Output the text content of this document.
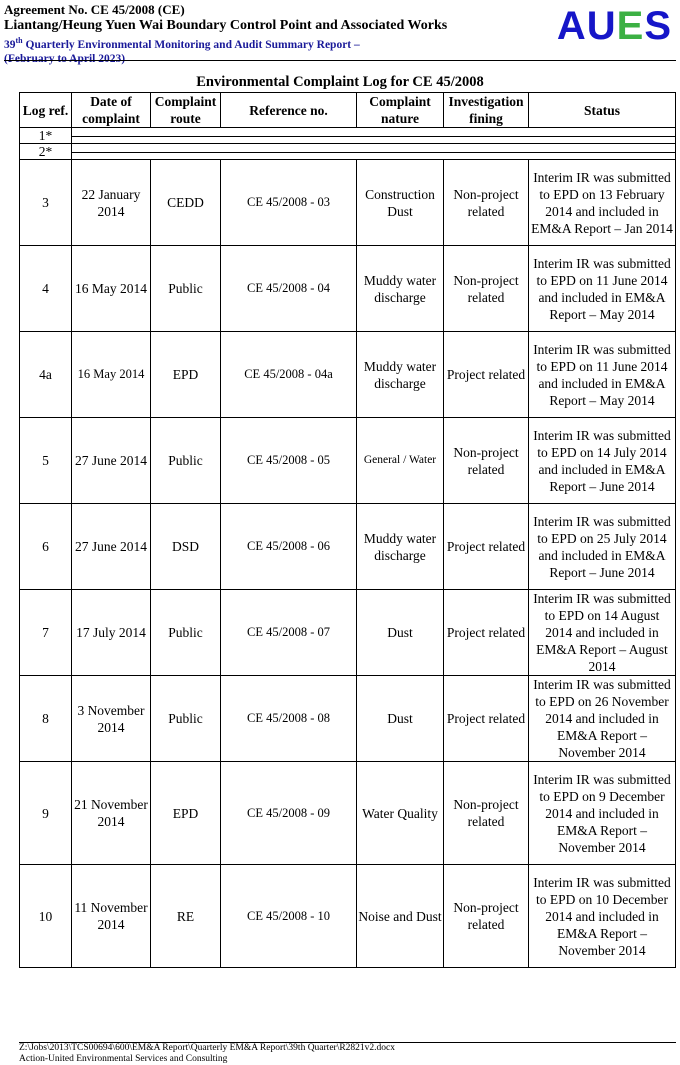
Agreement No. CE 45/2008 (CE)
Liantang/Heung Yuen Wai Boundary Control Point and Associated Works
39th Quarterly Environmental Monitoring and Audit Summary Report –
(February to April 2023)
AUES
Environmental Complaint Log for CE 45/2008
Log ref.	Date of complaint	Complaint route	Reference no.	Complaint nature	Investigation fining	Status
1*						

2*						

3	22 January 2014	CEDD	CE 45/2008 - 03	Construction Dust	Non-project related	Interim IR was submitted to EPD on 13 February 2014 and included in EM&A Report – Jan 2014
4	16 May 2014	Public	CE 45/2008 - 04	Muddy water discharge	Non-project related	Interim IR was submitted to EPD on 11 June 2014 and included in EM&A Report – May 2014
4a	16 May 2014	EPD	CE 45/2008 - 04a	Muddy water discharge	Project related	Interim IR was submitted to EPD on 11 June 2014 and included in EM&A Report – May 2014
5	27 June 2014	Public	CE 45/2008 - 05	General / Water	Non-project related	Interim IR was submitted to EPD on 14 July 2014 and included in EM&A Report – June 2014
6	27 June 2014	DSD	CE 45/2008 - 06	Muddy water discharge	Project related	Interim IR was submitted to EPD on 25 July 2014 and included in EM&A Report – June 2014
7	17 July 2014	Public	CE 45/2008 - 07	Dust	Project related	Interim IR was submitted to EPD on 14 August 2014 and included in EM&A Report – August 2014
8	3 November 2014	Public	CE 45/2008 - 08	Dust	Project related	Interim IR was submitted to EPD on 26 November 2014 and included in EM&A Report – November 2014
9	21 November 2014	EPD	CE 45/2008 - 09	Water Quality	Non-project related	Interim IR was submitted to EPD on 9 December 2014 and included in EM&A Report – November 2014
10	11 November 2014	RE	CE 45/2008 - 10	Noise and Dust	Non-project related	Interim IR was submitted to EPD on 10 December 2014 and included in EM&A Report – November 2014
Z:\Jobs\2013\TCS00694\600\EM&A Report\Quarterly EM&A Report\39th Quarter\R2821v2.docx
Action-United Environmental Services and Consulting
